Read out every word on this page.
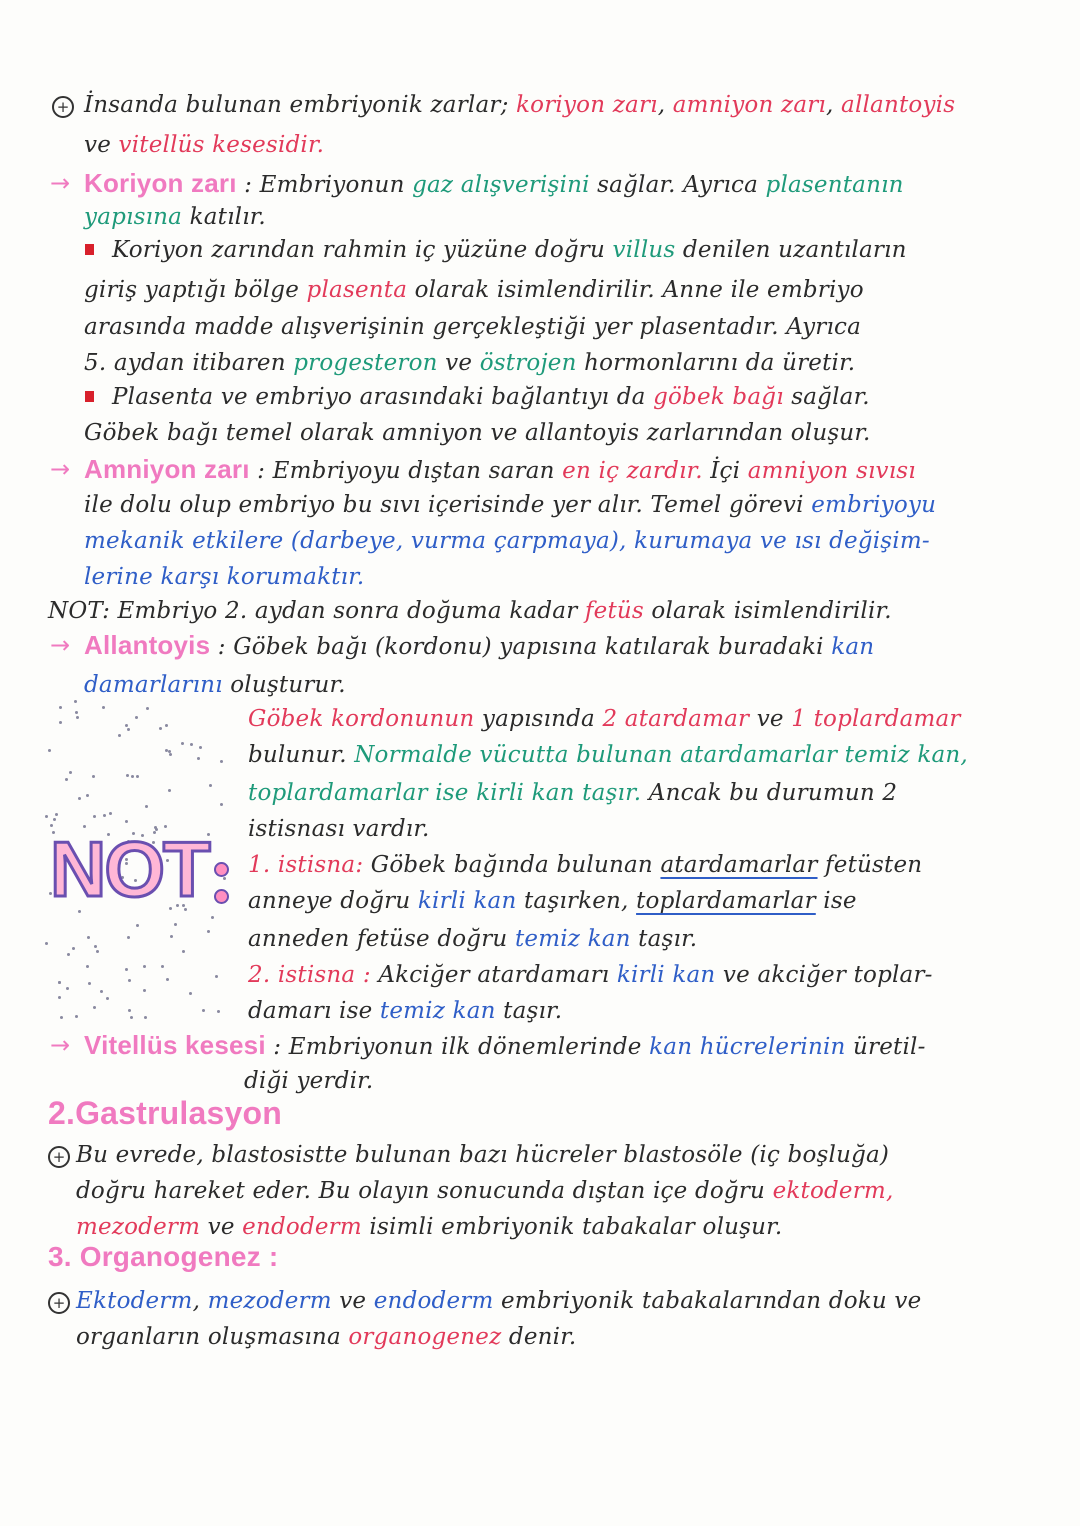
NOT
İnsanda bulunan embriyonik zarlar; koriyon zarı, amniyon zarı, allantoyis
+
ve vitellüs kesesidir.
Koriyon zarı : Embriyonun gaz alışverişini sağlar. Ayrıca plasentanın
→
yapısına katılır.
Koriyon zarından rahmin iç yüzüne doğru villus denilen uzantıların
giriş yaptığı bölge plasenta olarak isimlendirilir. Anne ile embriyo
arasında madde alışverişinin gerçekleştiği yer plasentadır. Ayrıca
5. aydan itibaren progesteron ve östrojen hormonlarını da üretir.
Plasenta ve embriyo arasındaki bağlantıyı da göbek bağı sağlar.
Göbek bağı temel olarak amniyon ve allantoyis zarlarından oluşur.
Amniyon zarı : Embriyoyu dıştan saran en iç zardır. İçi amniyon sıvısı
→
ile dolu olup embriyo bu sıvı içerisinde yer alır. Temel görevi embriyoyu
mekanik etkilere (darbeye, vurma çarpmaya), kurumaya ve ısı değişim-
lerine karşı korumaktır.
NOT: Embriyo 2. aydan sonra doğuma kadar fetüs olarak isimlendirilir.
Allantoyis : Göbek bağı (kordonu) yapısına katılarak buradaki kan
→
damarlarını oluşturur.
Göbek kordonunun yapısında 2 atardamar ve 1 toplardamar
bulunur. Normalde vücutta bulunan atardamarlar temiz kan,
toplardamarlar ise kirli kan taşır. Ancak bu durumun 2
istisnası vardır.
1. istisna: Göbek bağında bulunan atardamarlar fetüsten
anneye doğru kirli kan taşırken, toplardamarlar ise
anneden fetüse doğru temiz kan taşır.
2. istisna : Akciğer atardamarı kirli kan ve akciğer toplar-
damarı ise temiz kan taşır.
Vitellüs kesesi : Embriyonun ilk dönemlerinde kan hücrelerinin üretil-
→
diği yerdir.
2.Gastrulasyon
Bu evrede, blastosistte bulunan bazı hücreler blastosöle (iç boşluğa)
+
doğru hareket eder. Bu olayın sonucunda dıştan içe doğru ektoderm,
mezoderm ve endoderm isimli embriyonik tabakalar oluşur.
3. Organogenez :
Ektoderm, mezoderm ve endoderm embriyonik tabakalarından doku ve
+
organların oluşmasına organogenez denir.
